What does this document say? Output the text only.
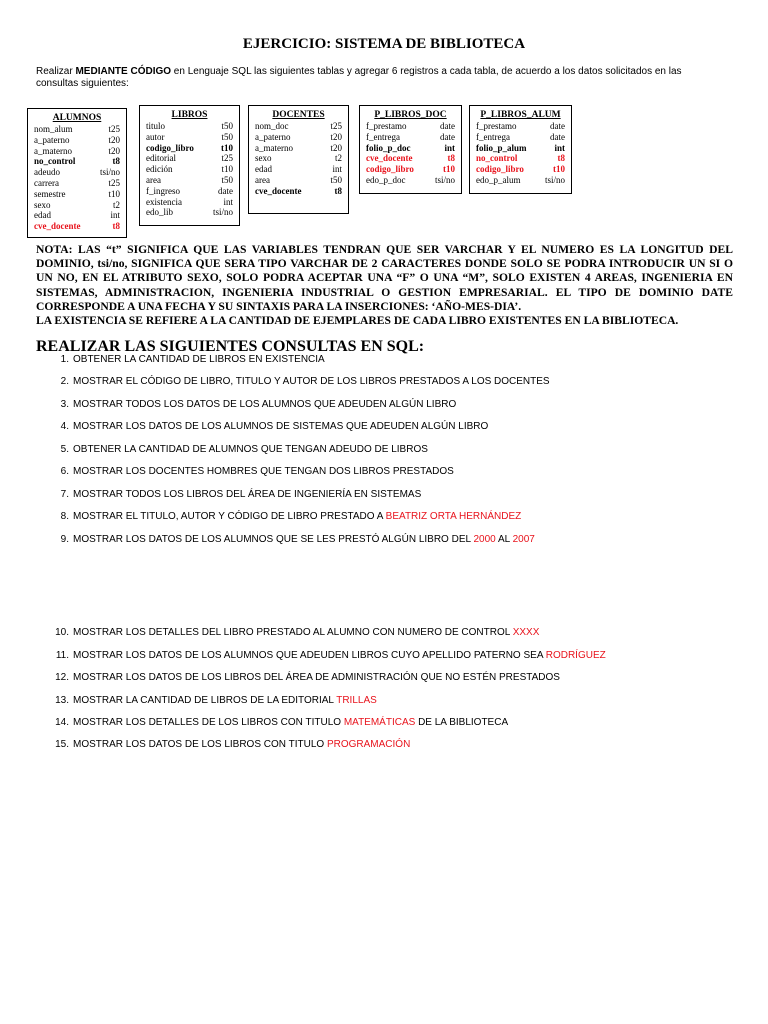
EJERCICIO: SISTEMA DE BIBLIOTECA
Realizar MEDIANTE CÓDIGO en Lenguaje SQL las siguientes tablas y agregar 6 registros a cada tabla, de acuerdo a los datos solicitados en las consultas siguientes:
ALUMNOS
nom_alum	t25
a_paterno	t20
a_materno	t20
no_control	t8
adeudo	tsi/no
carrera	t25
semestre	t10
sexo	t2
edad	int
cve_docente	t8
LIBROS
titulo	t50
autor	t50
codigo_libro	t10
editorial	t25
edición	t10
area	t50
f_ingreso	date
existencia	int
edo_lib	tsi/no
DOCENTES
nom_doc	t25
a_paterno	t20
a_materno	t20
sexo	t2
edad	int
area	t50
cve_docente	t8
P_LIBROS_DOC
f_prestamo	date
f_entrega	date
folio_p_doc	int
cve_docente	t8
codigo_libro	t10
edo_p_doc	tsi/no
P_LIBROS_ALUM
f_prestamo	date
f_entrega	date
folio_p_alum	int
no_control	t8
codigo_libro	t10
edo_p_alum	tsi/no
NOTA: LAS “t” SIGNIFICA QUE LAS VARIABLES TENDRAN QUE SER VARCHAR Y EL NUMERO ES LA LONGITUD DEL
DOMINIO, tsi/no, SIGNIFICA QUE SERA TIPO VARCHAR DE 2 CARACTERES DONDE SOLO SE PODRA INTRODUCIR UN SI O
UN NO, EN EL ATRIBUTO SEXO, SOLO PODRA ACEPTAR UNA “F” O UNA “M”, SOLO EXISTEN 4 AREAS, INGENIERIA EN
SISTEMAS, ADMINISTRACION, INGENIERIA INDUSTRIAL O GESTION EMPRESARIAL. EL TIPO DE DOMINIO DATE
CORRESPONDE A UNA FECHA Y SU SINTAXIS PARA LA INSERCIONES: ‘AÑO-MES-DIA’.
LA EXISTENCIA SE REFIERE A LA CANTIDAD DE EJEMPLARES DE CADA LIBRO EXISTENTES EN LA BIBLIOTECA.
REALIZAR LAS SIGUIENTES CONSULTAS EN SQL:
1. OBTENER LA CANTIDAD DE LIBROS EN EXISTENCIA
2. MOSTRAR EL CÓDIGO DE LIBRO, TITULO Y AUTOR DE LOS LIBROS PRESTADOS A LOS DOCENTES
3. MOSTRAR TODOS LOS DATOS DE LOS ALUMNOS QUE ADEUDEN ALGÚN LIBRO
4. MOSTRAR LOS DATOS DE LOS ALUMNOS DE SISTEMAS QUE ADEUDEN ALGÚN LIBRO
5. OBTENER LA CANTIDAD DE ALUMNOS QUE TENGAN ADEUDO DE LIBROS
6. MOSTRAR LOS DOCENTES HOMBRES QUE TENGAN DOS LIBROS PRESTADOS
7. MOSTRAR TODOS LOS LIBROS DEL ÁREA DE INGENIERÍA EN SISTEMAS
8. MOSTRAR EL TITULO, AUTOR Y CÓDIGO DE LIBRO PRESTADO A BEATRIZ ORTA HERNÁNDEZ
9. MOSTRAR LOS DATOS DE LOS ALUMNOS QUE SE LES PRESTÓ ALGÚN LIBRO DEL 2000 AL 2007
10. MOSTRAR LOS DETALLES DEL LIBRO PRESTADO AL ALUMNO CON NUMERO DE CONTROL XXXX
11. MOSTRAR LOS DATOS DE LOS ALUMNOS QUE ADEUDEN LIBROS CUYO APELLIDO PATERNO SEA RODRÍGUEZ
12. MOSTRAR LOS DATOS DE LOS LIBROS DEL ÁREA DE ADMINISTRACIÓN QUE NO ESTÉN PRESTADOS
13. MOSTRAR LA CANTIDAD DE LIBROS DE LA EDITORIAL TRILLAS
14. MOSTRAR LOS DETALLES DE LOS LIBROS CON TITULO MATEMÁTICAS DE LA BIBLIOTECA
15. MOSTRAR LOS DATOS DE LOS LIBROS CON TITULO PROGRAMACIÓN
